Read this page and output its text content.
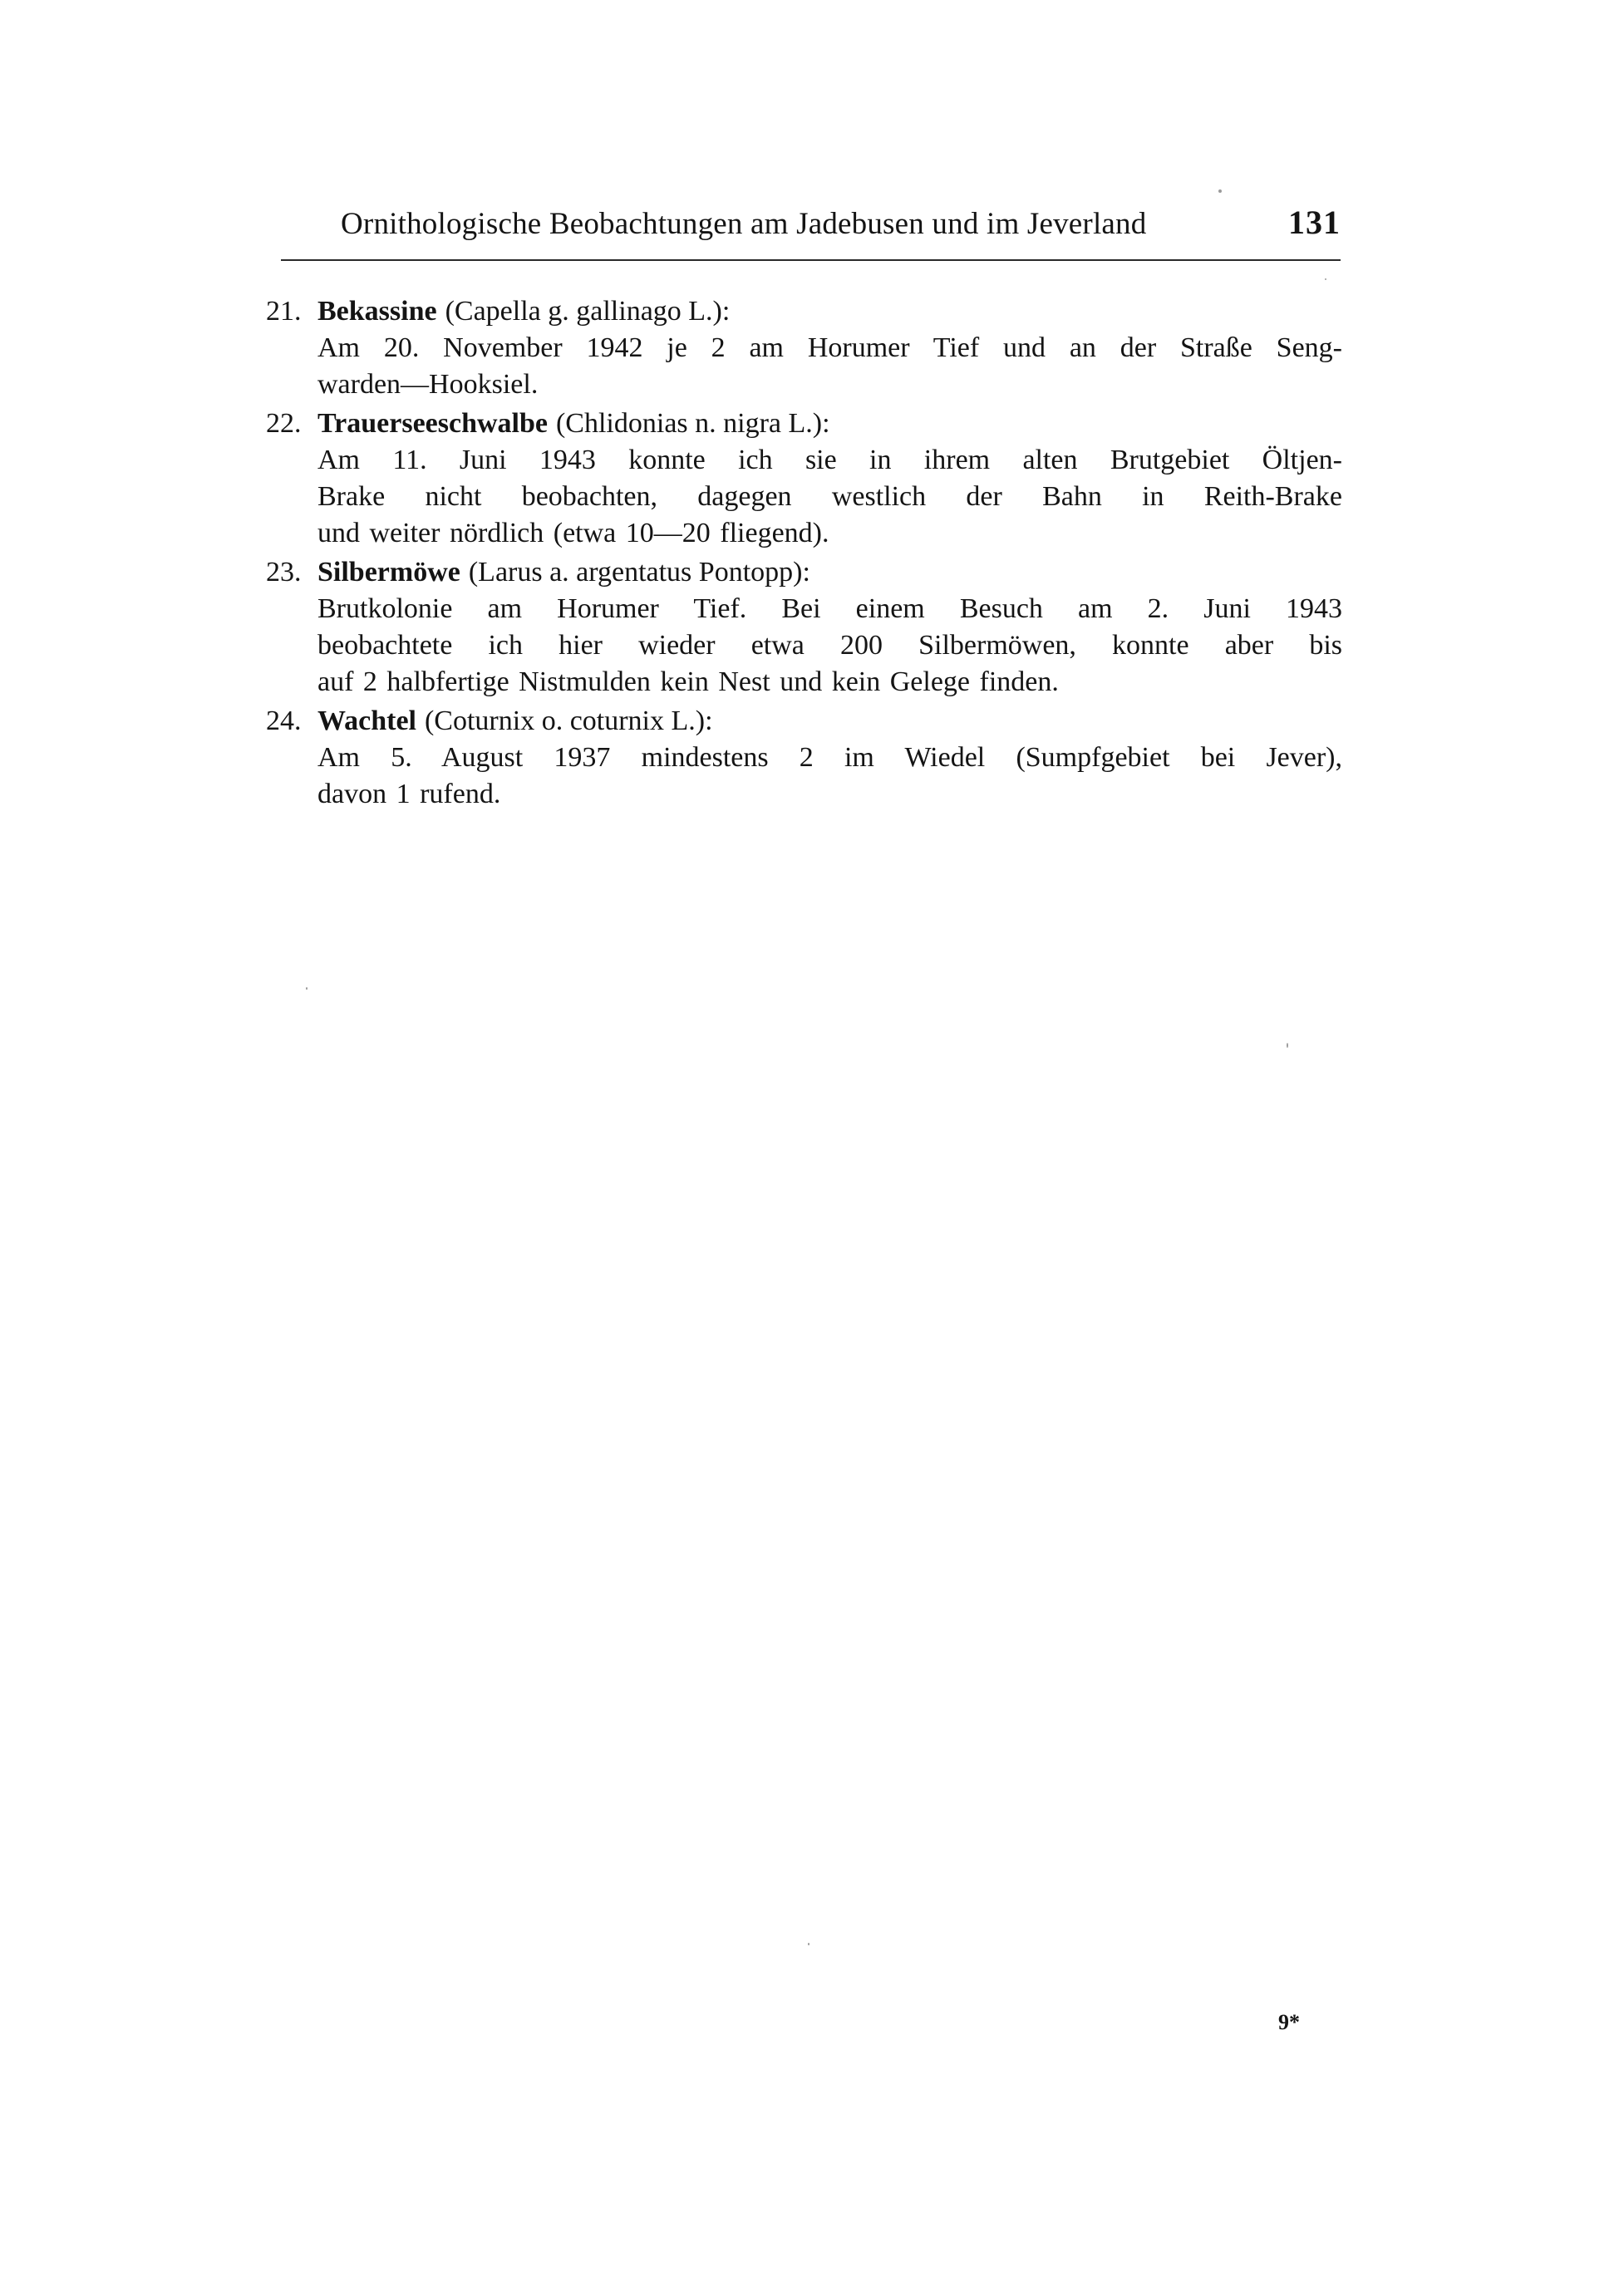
Ornithologische Beobachtungen am Jadebusen und im Jeverland	131
21. Bekassine (Capella g. gallinago L.):
Am 20. November 1942 je 2 am Horumer Tief und an der Straße Seng-
warden—Hooksiel.
22. Trauerseeschwalbe (Chlidonias n. nigra L.):
Am 11. Juni 1943 konnte ich sie in ihrem alten Brutgebiet Öltjen-
Brake nicht beobachten, dagegen westlich der Bahn in Reith-Brake
und weiter nördlich (etwa 10—20 fliegend).
23. Silbermöwe (Larus a. argentatus Pontopp):
Brutkolonie am Horumer Tief. Bei einem Besuch am 2. Juni 1943
beobachtete ich hier wieder etwa 200 Silbermöwen, konnte aber bis
auf 2 halbfertige Nistmulden kein Nest und kein Gelege finden.
24. Wachtel (Coturnix o. coturnix L.):
Am 5. August 1937 mindestens 2 im Wiedel (Sumpfgebiet bei Jever),
davon 1 rufend.
9*
